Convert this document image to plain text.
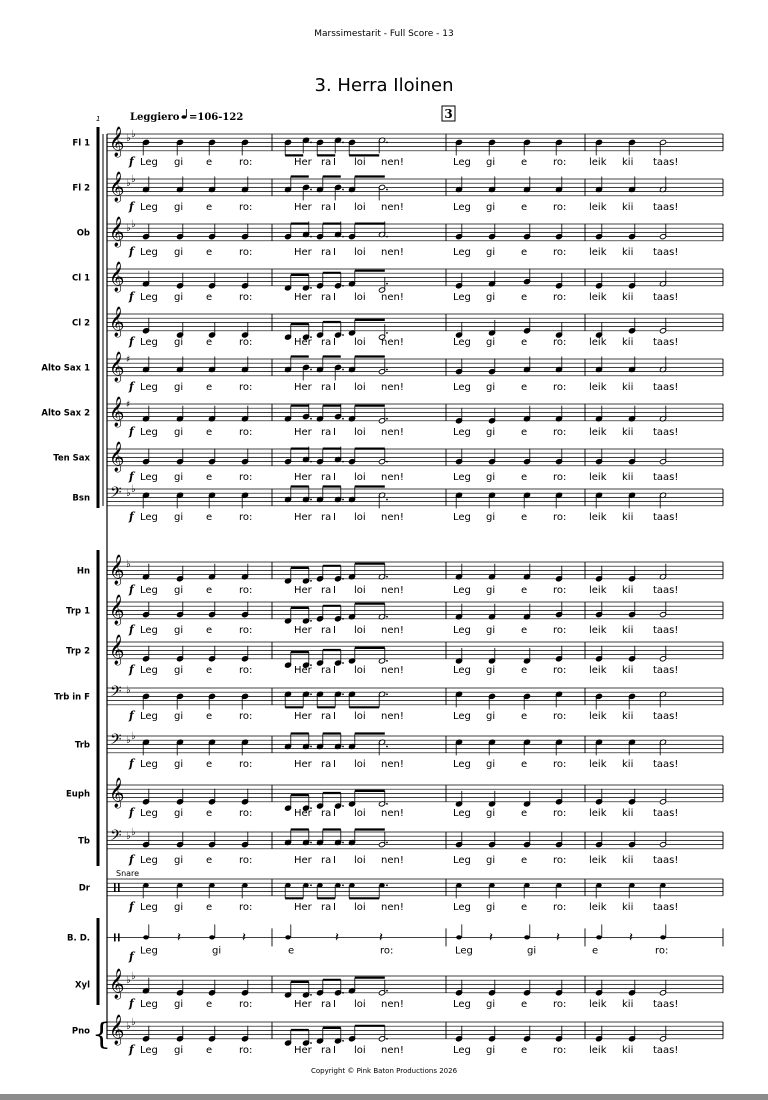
Marssimestarit - Full Score - 13
3. Herra Iloinen
1	Leggiero =106-122	3
{
Fl 1 𝄞 ♭ ♭
f Leg gi e	ro:	Her ra I loi nen!	Leg gi	e	ro: leik kii taas!
Fl 2 𝄞 ♭ ♭
f Leg gi e	ro:	Her ra I loi nen!	Leg gi	e	ro: leik kii taas!
Ob 𝄞 ♭ ♭
f Leg gi e	ro:	Her ra I loi nen!	Leg gi	e	ro: leik kii taas!
Cl 1 𝄞
f Leg gi e	ro:	Her ra I loi nen!	Leg gi	e	ro: leik kii taas!
Cl 2 𝄞
f Leg gi e	ro:	Her ra I loi nen!	Leg gi	e	ro: leik kii taas!
Alto Sax 1 𝄞 ♯
f Leg gi e	ro:	Her ra I loi nen!	Leg gi	e	ro: leik kii taas!
Alto Sax 2 𝄞 ♯
f Leg gi e	ro:	Her ra I loi nen!	Leg gi	e	ro: leik kii taas!
Ten Sax 𝄞
f Leg gi e	ro:	Her ra I loi nen!	Leg gi	e	ro: leik kii taas!
Bsn 𝄢 ♭ ♭
f Leg gi e	ro:	Her ra I loi nen!	Leg gi	e	ro: leik kii taas!
Hn 𝄞 ♭
f Leg gi e	ro:	Her ra I loi nen!	Leg gi	e	ro: leik kii taas!
Trp 1 𝄞
f Leg gi e	ro:	Her ra I loi nen!	Leg gi	e	ro: leik kii taas!
Trp 2 𝄞
f Leg gi e	ro:	Her ra I loi nen!	Leg gi	e	ro: leik kii taas!
Trb in F 𝄢 ♭
f Leg gi e	ro:	Her ra I loi nen!	Leg gi	e	ro: leik kii taas!
Trb 𝄢 ♭ ♭
f Leg gi e	ro:	Her ra I loi nen!	Leg gi	e	ro: leik kii taas!
Euph 𝄞
f Leg gi e	ro:	Her ra I loi nen!	Leg gi	e	ro: leik kii taas!
Tb 𝄢 ♭ ♭
f Leg gi e	ro:	Her ra I loi nen!	Leg gi	e	ro: leik kii taas!
Dr
f Leg gi e	ro:	Her ra I loi nen!	Leg gi	e	ro: leik kii taas!
Snare
B. D.	𝄽	𝄽	𝄽	𝄽	𝄽	𝄽	𝄽
f Leg	gi	e	ro:	Leg	gi	e	ro:
Xyl 𝄞 ♭ ♭
f Leg gi e	ro:	Her ra I loi nen!	Leg gi	e	ro: leik kii taas!
Pno 𝄞 ♭ ♭
f Leg gi e	ro:	Her ra I loi nen!	Leg gi	e	ro: leik kii taas!
Copyright © Pink Baton Productions 2026
